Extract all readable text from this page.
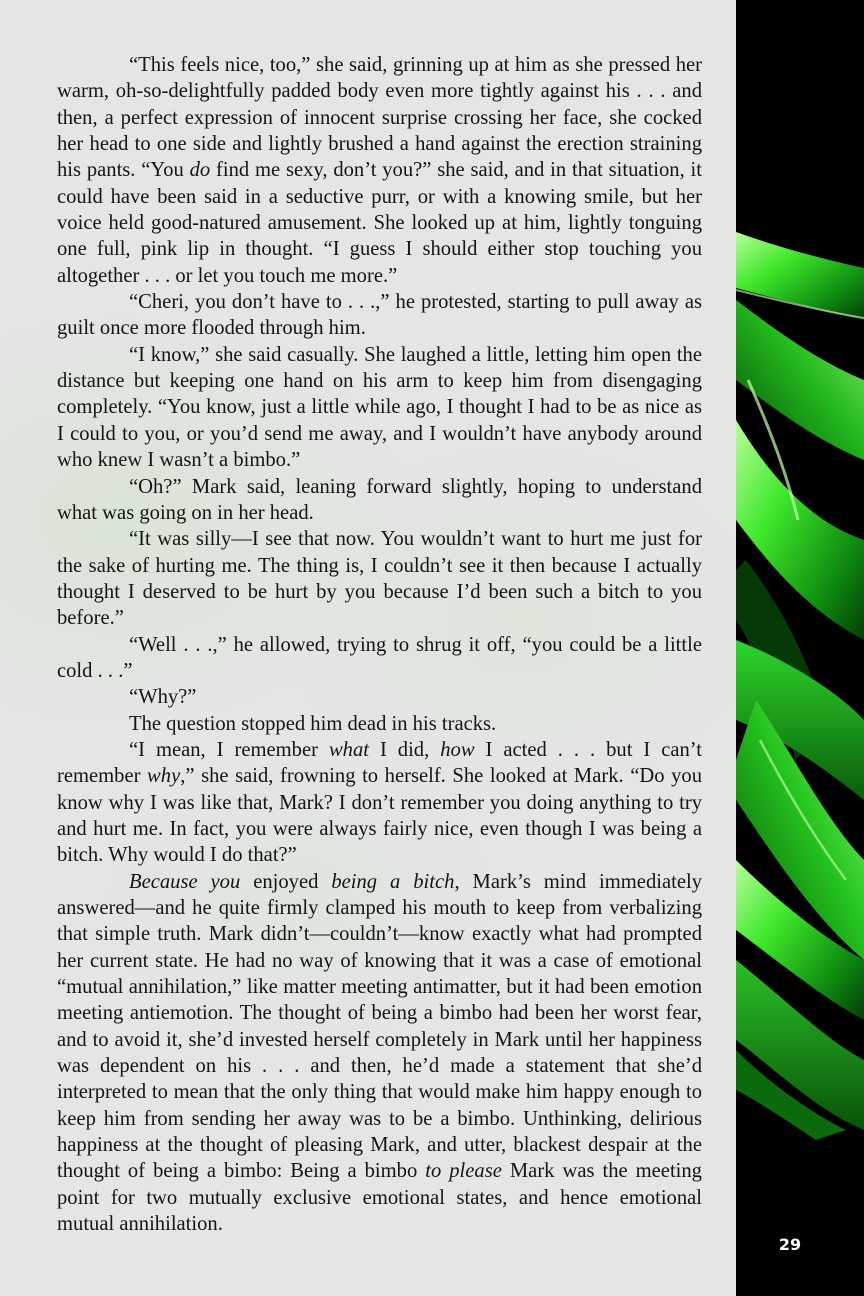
“This feels nice, too,” she said, grinning up at him as she pressed her warm, oh-so-delightfully padded body even more tightly against his . . . and then, a perfect expression of innocent surprise crossing her face, she cocked her head to one side and lightly brushed a hand against the erection straining his pants. “You do find me sexy, don’t you?” she said, and in that situation, it could have been said in a seductive purr, or with a knowing smile, but her voice held good-natured amusement. She looked up at him, lightly tonguing one full, pink lip in thought. “I guess I should either stop touching you altogether . . . or let you touch me more.”

“Cheri, you don’t have to . . .,” he protested, starting to pull away as guilt once more flooded through him.

“I know,” she said casually. She laughed a little, letting him open the distance but keeping one hand on his arm to keep him from disengaging completely. “You know, just a little while ago, I thought I had to be as nice as I could to you, or you’d send me away, and I wouldn’t have anybody around who knew I wasn’t a bimbo.”

“Oh?” Mark said, leaning forward slightly, hoping to understand what was going on in her head.

“It was silly—I see that now. You wouldn’t want to hurt me just for the sake of hurting me. The thing is, I couldn’t see it then because I actually thought I deserved to be hurt by you because I’d been such a bitch to you before.”

“Well . . .,” he allowed, trying to shrug it off, “you could be a little cold . . .”

“Why?”

The question stopped him dead in his tracks.

“I mean, I remember what I did, how I acted . . . but I can’t remember why,” she said, frowning to herself. She looked at Mark. “Do you know why I was like that, Mark? I don’t remember you doing anything to try and hurt me. In fact, you were always fairly nice, even though I was being a bitch. Why would I do that?”

Because you enjoyed being a bitch, Mark’s mind immediately answered—and he quite firmly clamped his mouth to keep from verbalizing that simple truth. Mark didn’t—couldn’t—know exactly what had prompted her current state. He had no way of knowing that it was a case of emotional “mutual annihilation,” like matter meeting antimatter, but it had been emotion meeting antiemotion. The thought of being a bimbo had been her worst fear, and to avoid it, she’d invested herself completely in Mark until her happiness was dependent on his . . . and then, he’d made a statement that she’d interpreted to mean that the only thing that would make him happy enough to keep him from sending her away was to be a bimbo. Unthinking, delirious happiness at the thought of pleasing Mark, and utter, blackest despair at the thought of being a bimbo: Being a bimbo to please Mark was the meeting point for two mutually exclusive emotional states, and hence emotional mutual annihilation.

29
